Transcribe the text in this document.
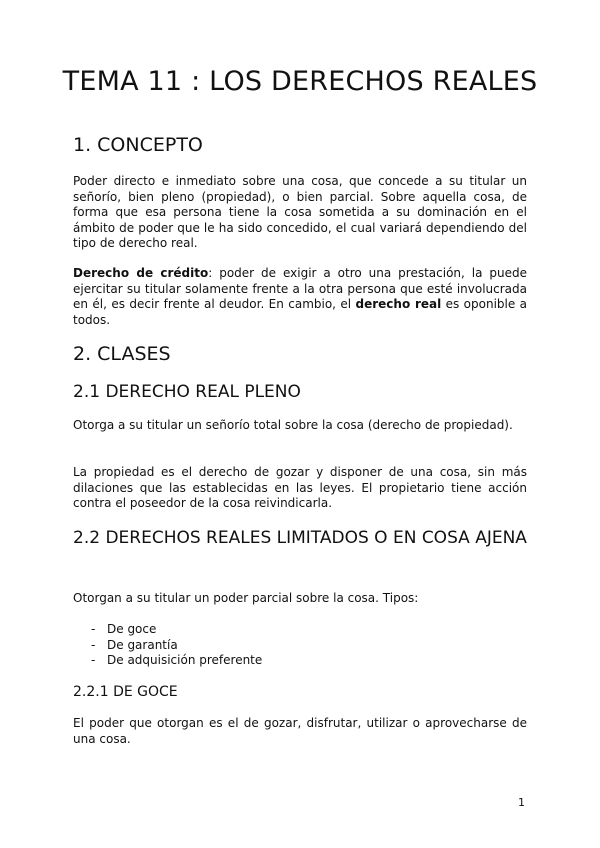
TEMA 11 : LOS DERECHOS REALES
1. CONCEPTO

Poder directo e inmediato sobre una cosa, que concede a su titular un señorío, bien pleno (propiedad), o bien parcial. Sobre aquella cosa, de forma que esa persona tiene la cosa sometida a su dominación en el ámbito de poder que le ha sido concedido, el cual variará dependiendo del tipo de derecho real.

Derecho de crédito: poder de exigir a otro una prestación, la puede ejercitar su titular solamente frente a la otra persona que esté involucrada en él, es decir frente al deudor. En cambio, el derecho real es oponible a todos.

2. CLASES
2.1 DERECHO REAL PLENO

Otorga a su titular un señorío total sobre la cosa (derecho de propiedad).

La propiedad es el derecho de gozar y disponer de una cosa, sin más dilaciones que las establecidas en las leyes. El propietario tiene acción contra el poseedor de la cosa reivindicarla.

2.2 DERECHOS REALES LIMITADOS O EN COSA AJENA

Otorgan a su titular un poder parcial sobre la cosa. Tipos:

- De goce
- De garantía
- De adquisición preferente
2.2.1 DE GOCE

El poder que otorgan es el de gozar, disfrutar, utilizar o aprovecharse de una cosa.

1
